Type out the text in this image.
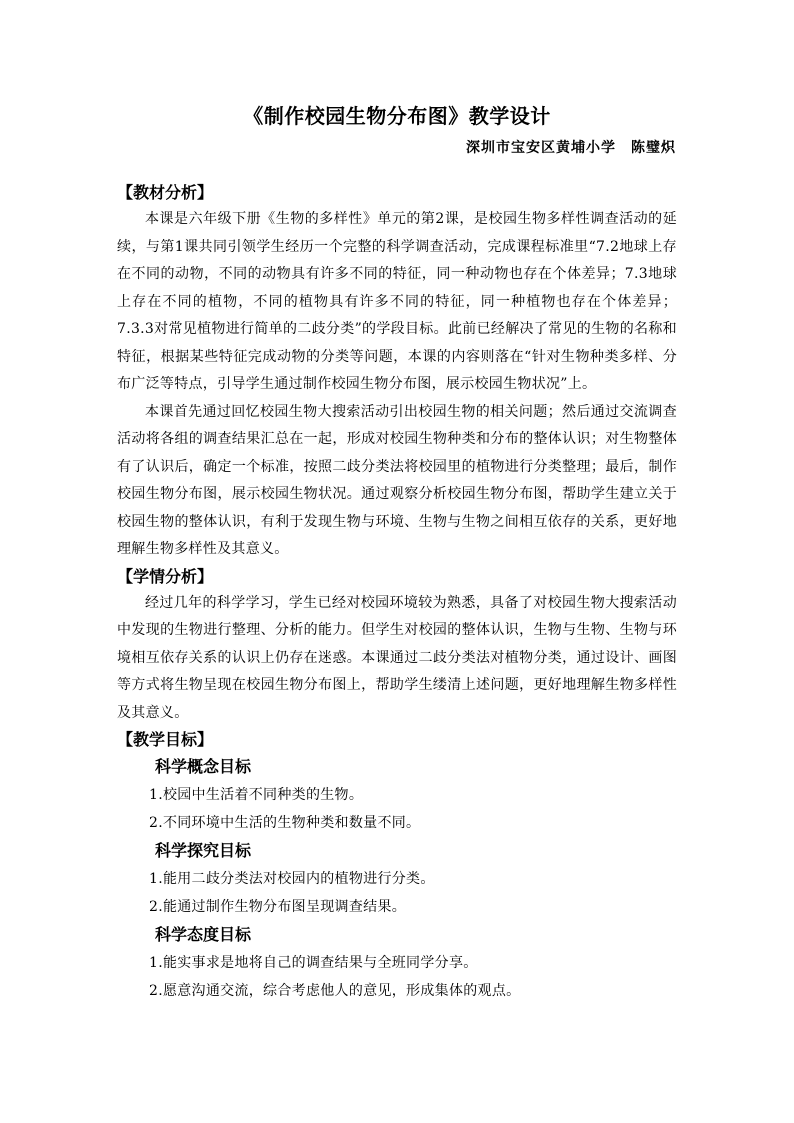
《制作校园生物分布图》教学设计
深圳市宝安区黄埔小学　陈璧炽

【教材分析】

本课是六年级下册《生物的多样性》单元的第2课，是校园生物多样性调查活动的延续，与第1课共同引领学生经历一个完整的科学调查活动，完成课程标准里“7.2地球上存在不同的动物，不同的动物具有许多不同的特征，同一种动物也存在个体差异；7.3地球上存在不同的植物，不同的植物具有许多不同的特征，同一种植物也存在个体差异；7.3.3对常见植物进行简单的二歧分类”的学段目标。此前已经解决了常见的生物的名称和特征，根据某些特征完成动物的分类等问题，本课的内容则落在“针对生物种类多样、分布广泛等特点，引导学生通过制作校园生物分布图，展示校园生物状况”上。

本课首先通过回忆校园生物大搜索活动引出校园生物的相关问题；然后通过交流调查活动将各组的调查结果汇总在一起，形成对校园生物种类和分布的整体认识；对生物整体有了认识后，确定一个标准，按照二歧分类法将校园里的植物进行分类整理；最后，制作校园生物分布图，展示校园生物状况。通过观察分析校园生物分布图，帮助学生建立关于校园生物的整体认识，有利于发现生物与环境、生物与生物之间相互依存的关系，更好地理解生物多样性及其意义。

【学情分析】

经过几年的科学学习，学生已经对校园环境较为熟悉，具备了对校园生物大搜索活动中发现的生物进行整理、分析的能力。但学生对校园的整体认识，生物与生物、生物与环境相互依存关系的认识上仍存在迷惑。本课通过二歧分类法对植物分类，通过设计、画图等方式将生物呈现在校园生物分布图上，帮助学生缕清上述问题，更好地理解生物多样性及其意义。

【教学目标】

科学概念目标

1.校园中生活着不同种类的生物。

2.不同环境中生活的生物种类和数量不同。

科学探究目标

1.能用二歧分类法对校园内的植物进行分类。

2.能通过制作生物分布图呈现调查结果。

科学态度目标

1.能实事求是地将自己的调查结果与全班同学分享。

2.愿意沟通交流，综合考虑他人的意见，形成集体的观点。
